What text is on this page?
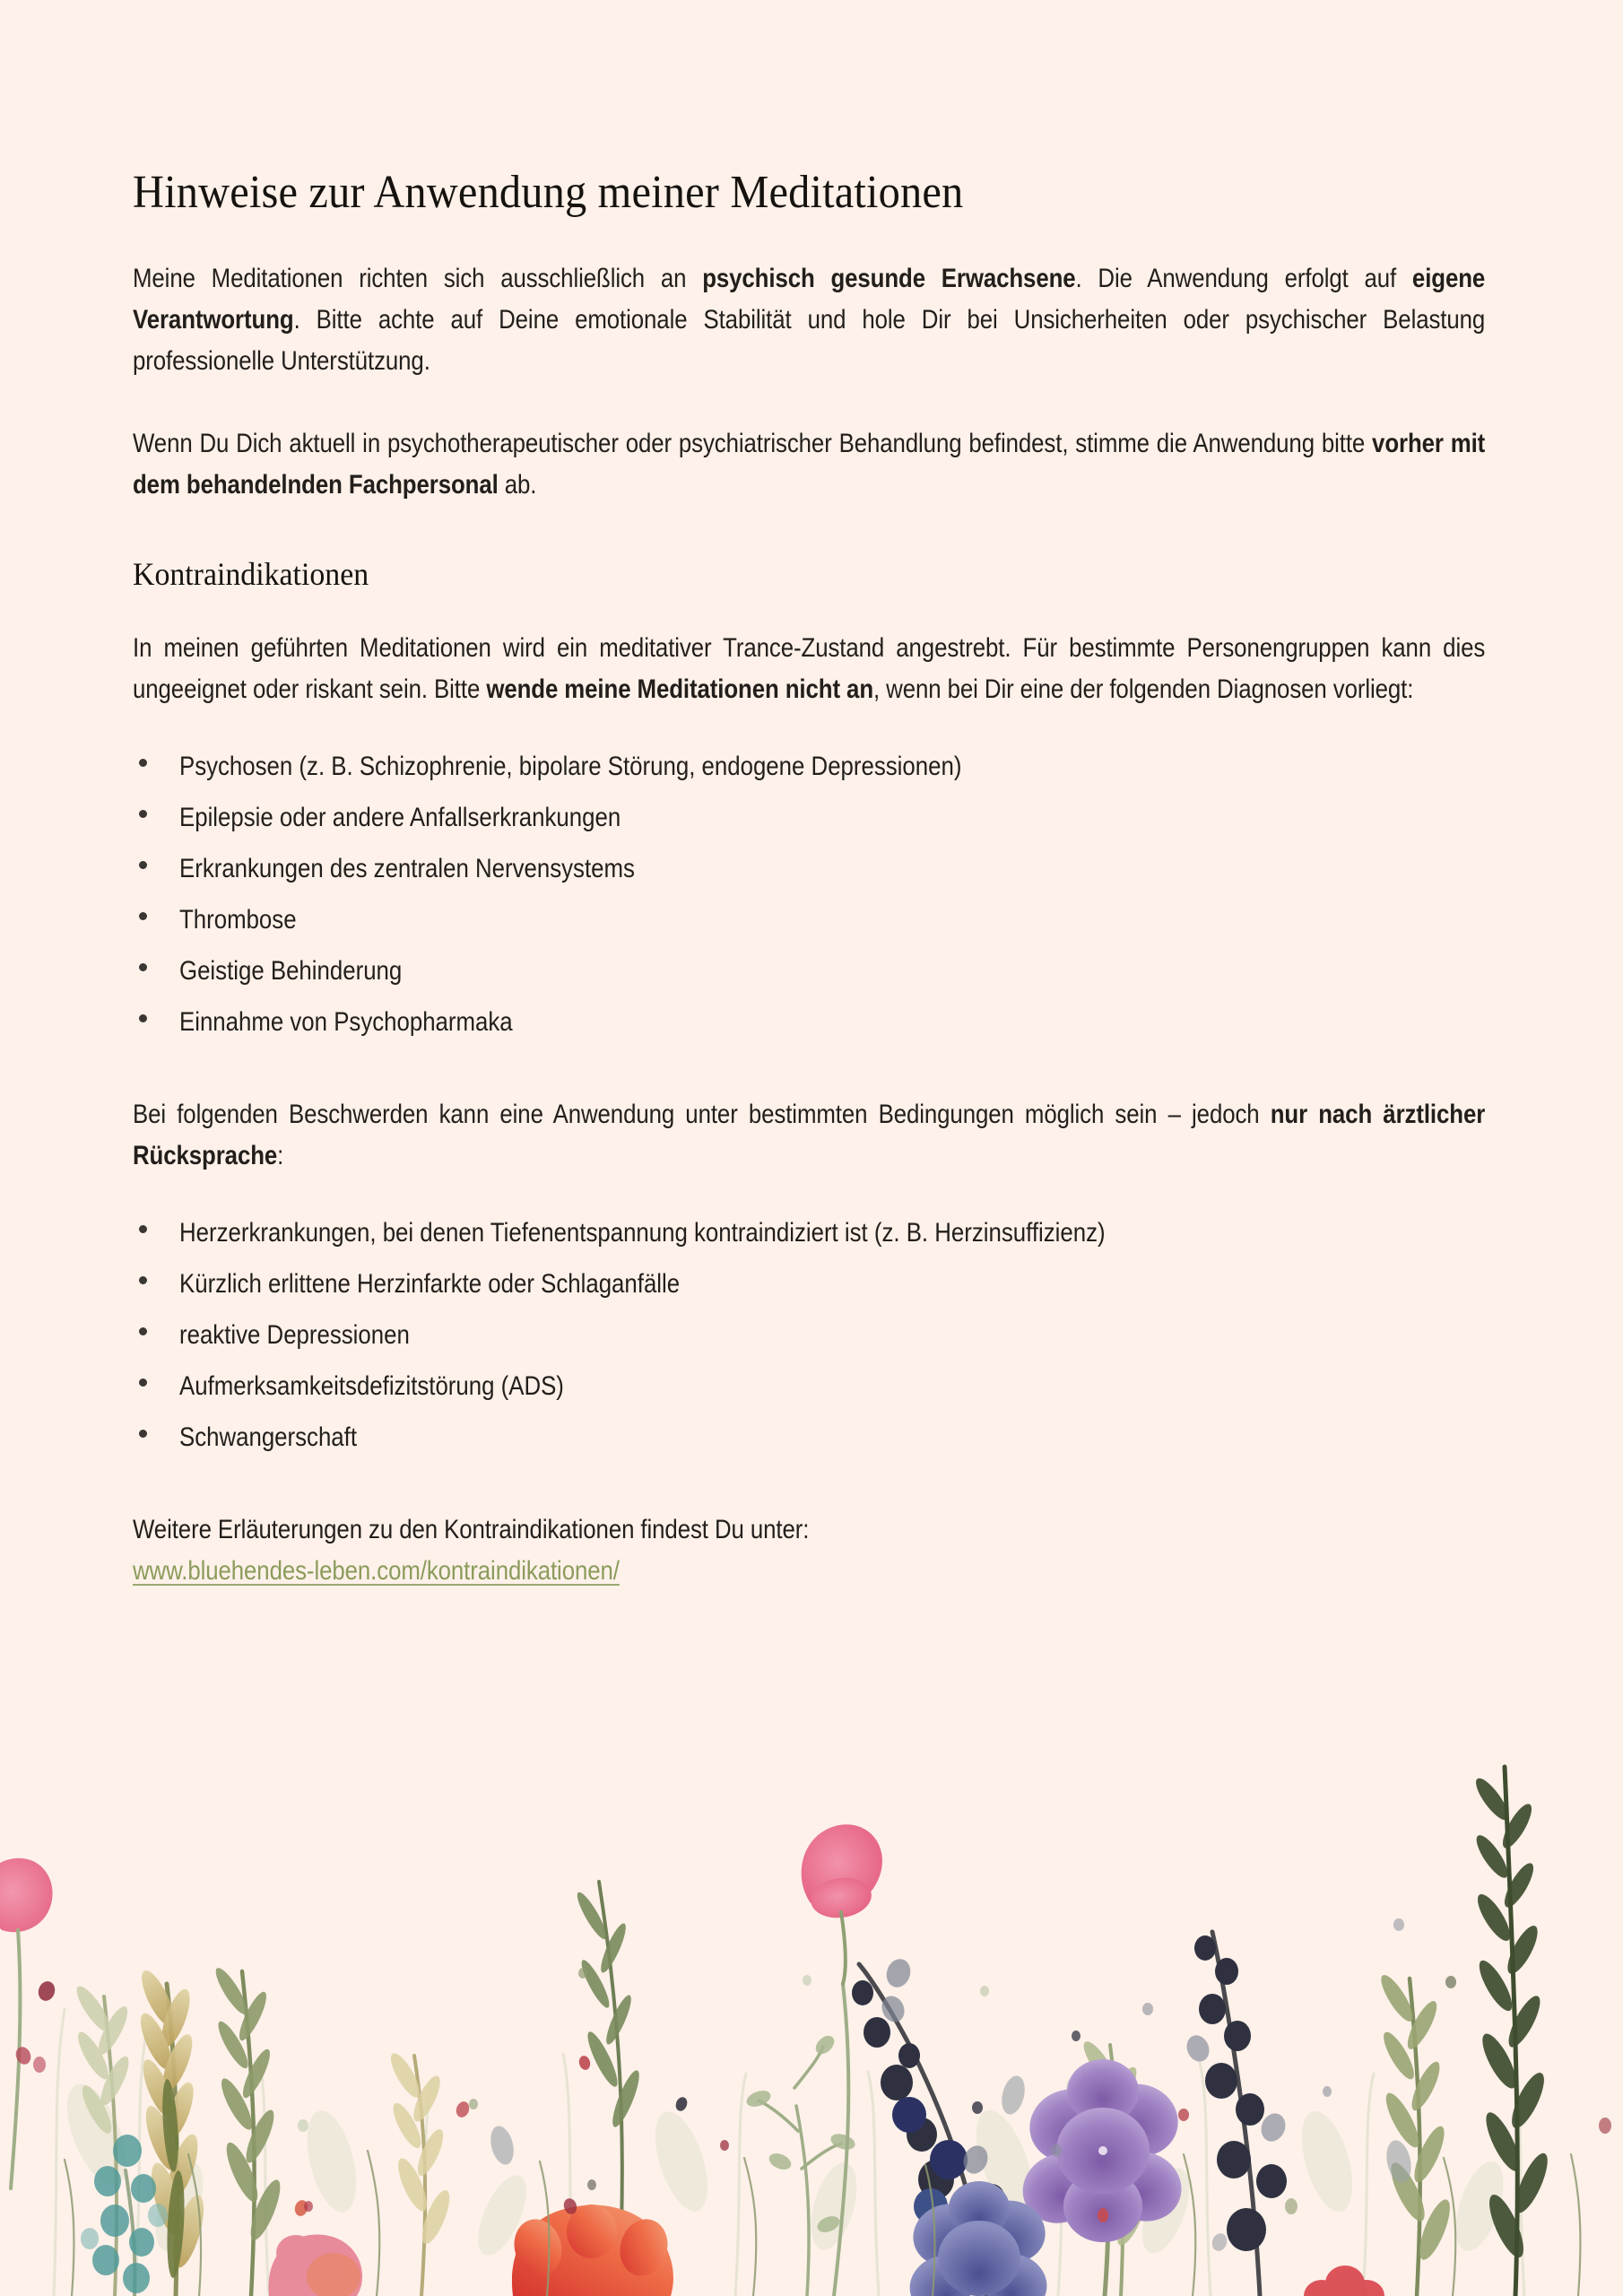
Hinweise zur Anwendung meiner Meditationen

Meine Meditationen richten sich ausschließlich an psychisch gesunde Erwachsene. Die Anwendung erfolgt auf eigene Verantwortung. Bitte achte auf Deine emotionale Stabilität und hole Dir bei Unsicherheiten oder psychischer Belastung professionelle Unterstützung.

Wenn Du Dich aktuell in psychotherapeutischer oder psychiatrischer Behandlung befindest, stimme die Anwendung bitte vorher mit dem behandelnden Fachpersonal ab.

Kontraindikationen

In meinen geführten Meditationen wird ein meditativer Trance-Zustand angestrebt. Für bestimmte Personengruppen kann dies ungeeignet oder riskant sein. Bitte wende meine Meditationen nicht an, wenn bei Dir eine der folgenden Diagnosen vorliegt:

Psychosen (z. B. Schizophrenie, bipolare Störung, endogene Depressionen)
Epilepsie oder andere Anfallserkrankungen
Erkrankungen des zentralen Nervensystems
Thrombose
Geistige Behinderung
Einnahme von Psychopharmaka

Bei folgenden Beschwerden kann eine Anwendung unter bestimmten Bedingungen möglich sein – jedoch nur nach ärztlicher Rücksprache:

Herzerkrankungen, bei denen Tiefenentspannung kontraindiziert ist (z. B. Herzinsuffizienz)
Kürzlich erlittene Herzinfarkte oder Schlaganfälle
reaktive Depressionen
Aufmerksamkeitsdefizitstörung (ADS)
Schwangerschaft

Weitere Erläuterungen zu den Kontraindikationen findest Du unter:
www.bluehendes-leben.com/kontraindikationen/
